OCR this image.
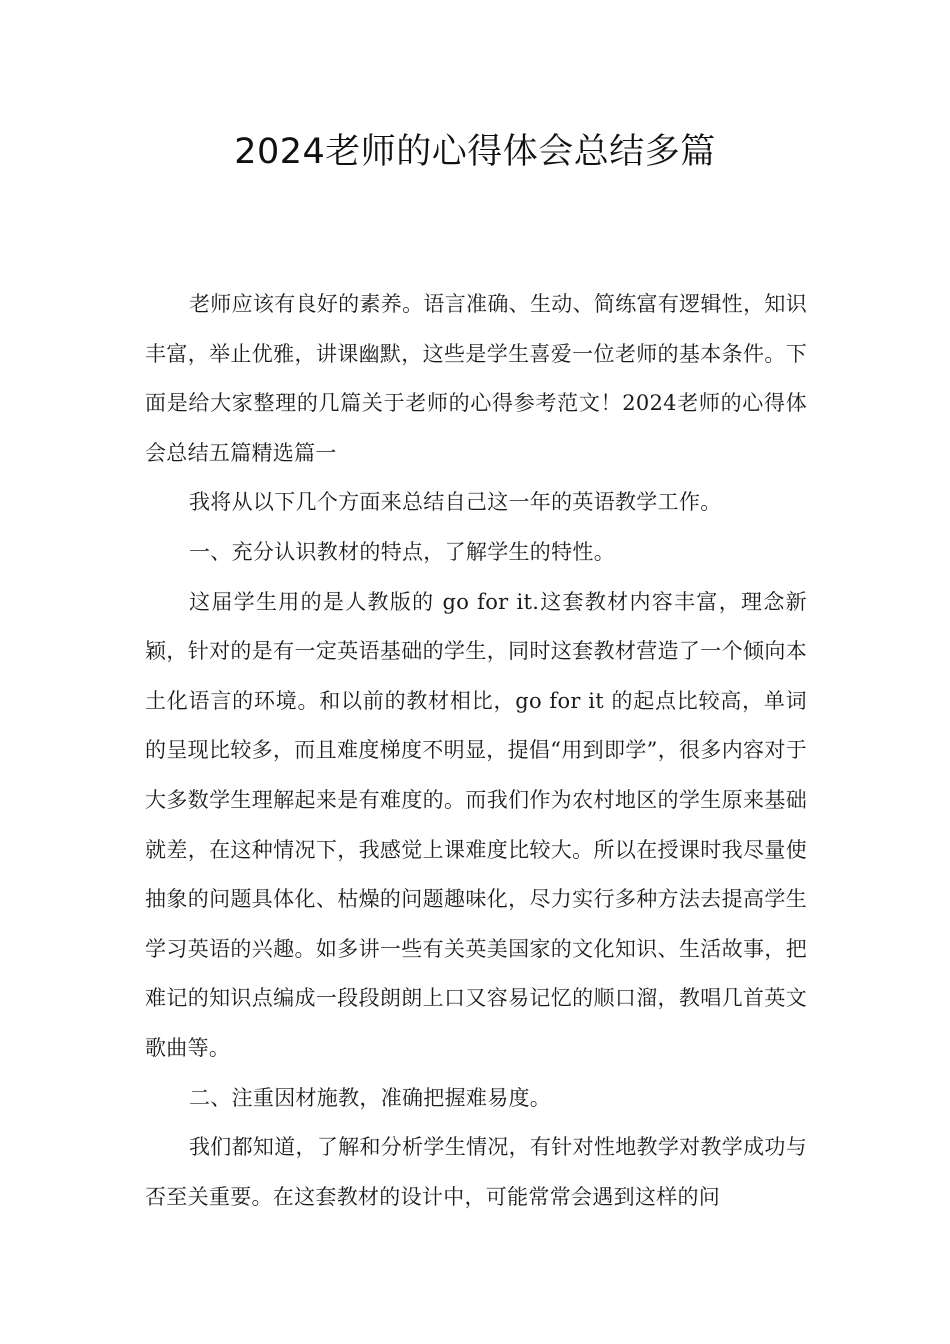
2024老师的心得体会总结多篇

老师应该有良好的素养。语言准确、生动、简练富有逻辑性，知识丰富，举止优雅，讲课幽默，这些是学生喜爱一位老师的基本条件。下面是给大家整理的几篇关于老师的心得参考范文！2024老师的心得体会总结五篇精选篇一

我将从以下几个方面来总结自己这一年的英语教学工作。

一、充分认识教材的特点，了解学生的特性。

这届学生用的是人教版的 go for it.这套教材内容丰富，理念新颖，针对的是有一定英语基础的学生，同时这套教材营造了一个倾向本土化语言的环境。和以前的教材相比，go for it 的起点比较高，单词的呈现比较多，而且难度梯度不明显，提倡“用到即学”，很多内容对于大多数学生理解起来是有难度的。而我们作为农村地区的学生原来基础就差，在这种情况下，我感觉上课难度比较大。所以在授课时我尽量使抽象的问题具体化、枯燥的问题趣味化，尽力实行多种方法去提高学生学习英语的兴趣。如多讲一些有关英美国家的文化知识、生活故事，把难记的知识点编成一段段朗朗上口又容易记忆的顺口溜，教唱几首英文歌曲等。

二、注重因材施教，准确把握难易度。

我们都知道，了解和分析学生情况，有针对性地教学对教学成功与否至关重要。在这套教材的设计中，可能常常会遇到这样的问
